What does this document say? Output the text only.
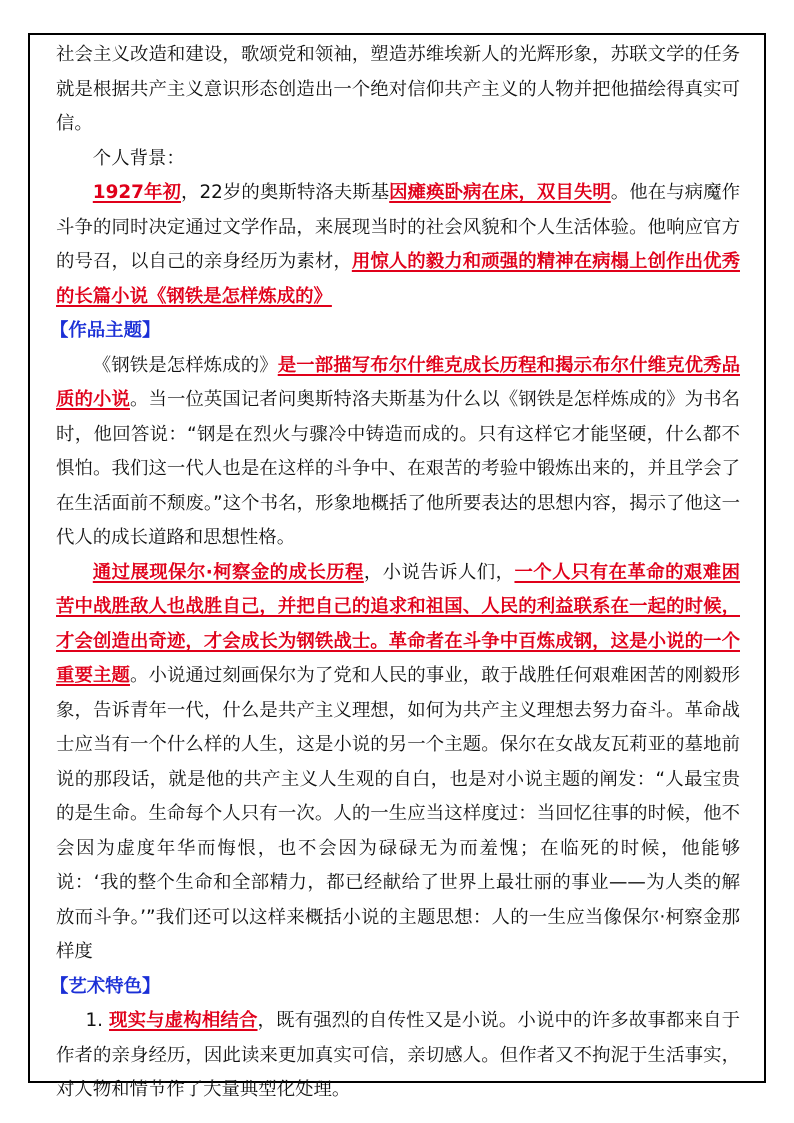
社会主义改造和建设，歌颂党和领袖，塑造苏维埃新人的光辉形象，苏联文学的任务就是根据共产主义意识形态创造出一个绝对信仰共产主义的人物并把他描绘得真实可信。

个人背景：

1927年初，22岁的奥斯特洛夫斯基因瘫痪卧病在床，双目失明。他在与病魔作斗争的同时决定通过文学作品，来展现当时的社会风貌和个人生活体验。他响应官方的号召，以自己的亲身经历为素材，用惊人的毅力和顽强的精神在病榻上创作出优秀的长篇小说《钢铁是怎样炼成的》

【作品主题】

《钢铁是怎样炼成的》是一部描写布尔什维克成长历程和揭示布尔什维克优秀品质的小说。当一位英国记者问奥斯特洛夫斯基为什么以《钢铁是怎样炼成的》为书名时，他回答说：“钢是在烈火与骤冷中铸造而成的。只有这样它才能坚硬，什么都不惧怕。我们这一代人也是在这样的斗争中、在艰苦的考验中锻炼出来的，并且学会了在生活面前不颓废。”这个书名，形象地概括了他所要表达的思想内容，揭示了他这一代人的成长道路和思想性格。

通过展现保尔·柯察金的成长历程，小说告诉人们，一个人只有在革命的艰难困苦中战胜敌人也战胜自己，并把自己的追求和祖国、人民的利益联系在一起的时候，才会创造出奇迹，才会成长为钢铁战士。革命者在斗争中百炼成钢，这是小说的一个重要主题。小说通过刻画保尔为了党和人民的事业，敢于战胜任何艰难困苦的刚毅形象，告诉青年一代，什么是共产主义理想，如何为共产主义理想去努力奋斗。革命战士应当有一个什么样的人生，这是小说的另一个主题。保尔在女战友瓦莉亚的墓地前说的那段话，就是他的共产主义人生观的自白，也是对小说主题的阐发：“人最宝贵的是生命。生命每个人只有一次。人的一生应当这样度过：当回忆往事的时候，他不会因为虚度年华而悔恨，也不会因为碌碌无为而羞愧；在临死的时候，他能够说：‘我的整个生命和全部精力，都已经献给了世界上最壮丽的事业——为人类的解放而斗争。’”我们还可以这样来概括小说的主题思想：人的一生应当像保尔·柯察金那样度

【艺术特色】

1. 现实与虚构相结合，既有强烈的自传性又是小说。小说中的许多故事都来自于作者的亲身经历，因此读来更加真实可信，亲切感人。但作者又不拘泥于生活事实，对人物和情节作了大量典型化处理。
